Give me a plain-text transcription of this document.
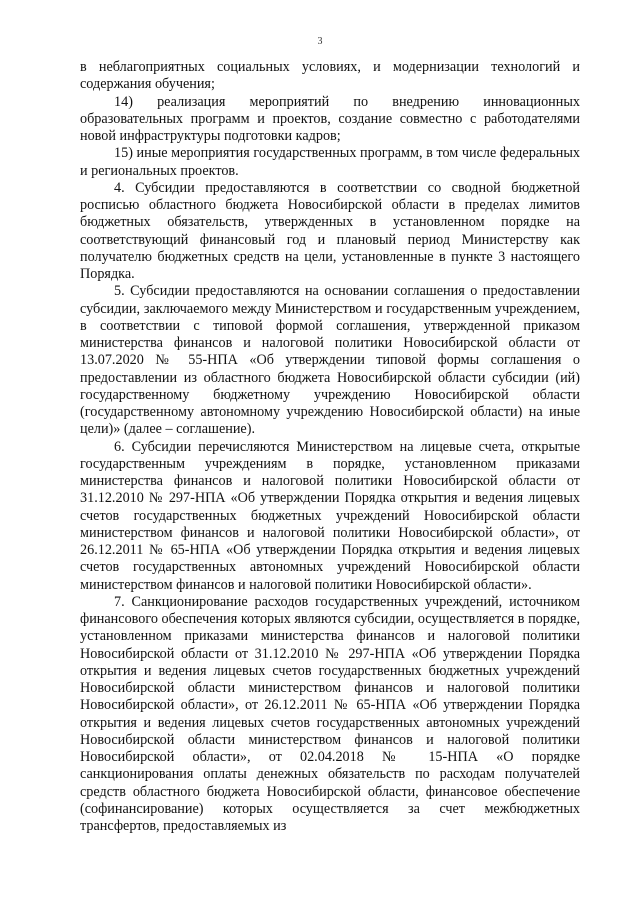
3

в неблагоприятных социальных условиях, и модернизации технологий и содержания обучения;

14) реализация мероприятий по внедрению инновационных образовательных программ и проектов, создание совместно с работодателями новой инфраструктуры подготовки кадров;

15) иные мероприятия государственных программ, в том числе федеральных и региональных проектов.

4. Субсидии предоставляются в соответствии со сводной бюджетной росписью областного бюджета Новосибирской области в пределах лимитов бюджетных обязательств, утвержденных в установленном порядке на соответствующий финансовый год и плановый период Министерству как получателю бюджетных средств на цели, установленные в пункте 3 настоящего Порядка.

5. Субсидии предоставляются на основании соглашения о предоставлении субсидии, заключаемого между Министерством и государственным учреждением, в соответствии с типовой формой соглашения, утвержденной приказом министерства финансов и налоговой политики Новосибирской области от 13.07.2020 № 55-НПА «Об утверждении типовой формы соглашения о предоставлении из областного бюджета Новосибирской области субсидии (ий) государственному бюджетному учреждению Новосибирской области (государственному автономному учреждению Новосибирской области) на иные цели)» (далее – соглашение).

6. Субсидии перечисляются Министерством на лицевые счета, открытые государственным учреждениям в порядке, установленном приказами министерства финансов и налоговой политики Новосибирской области от 31.12.2010 № 297-НПА «Об утверждении Порядка открытия и ведения лицевых счетов государственных бюджетных учреждений Новосибирской области министерством финансов и налоговой политики Новосибирской области», от 26.12.2011 № 65-НПА «Об утверждении Порядка открытия и ведения лицевых счетов государственных автономных учреждений Новосибирской области министерством финансов и налоговой политики Новосибирской области».

7. Санкционирование расходов государственных учреждений, источником финансового обеспечения которых являются субсидии, осуществляется в порядке, установленном приказами министерства финансов и налоговой политики Новосибирской области от 31.12.2010 № 297-НПА «Об утверждении Порядка открытия и ведения лицевых счетов государственных бюджетных учреждений Новосибирской области министерством финансов и налоговой политики Новосибирской области», от 26.12.2011 № 65-НПА «Об утверждении Порядка открытия и ведения лицевых счетов государственных автономных учреждений Новосибирской области министерством финансов и налоговой политики Новосибирской области», от 02.04.2018 № 15-НПА «О порядке санкционирования оплаты денежных обязательств по расходам получателей средств областного бюджета Новосибирской области, финансовое обеспечение (софинансирование) которых осуществляется за счет межбюджетных трансфертов, предоставляемых из
